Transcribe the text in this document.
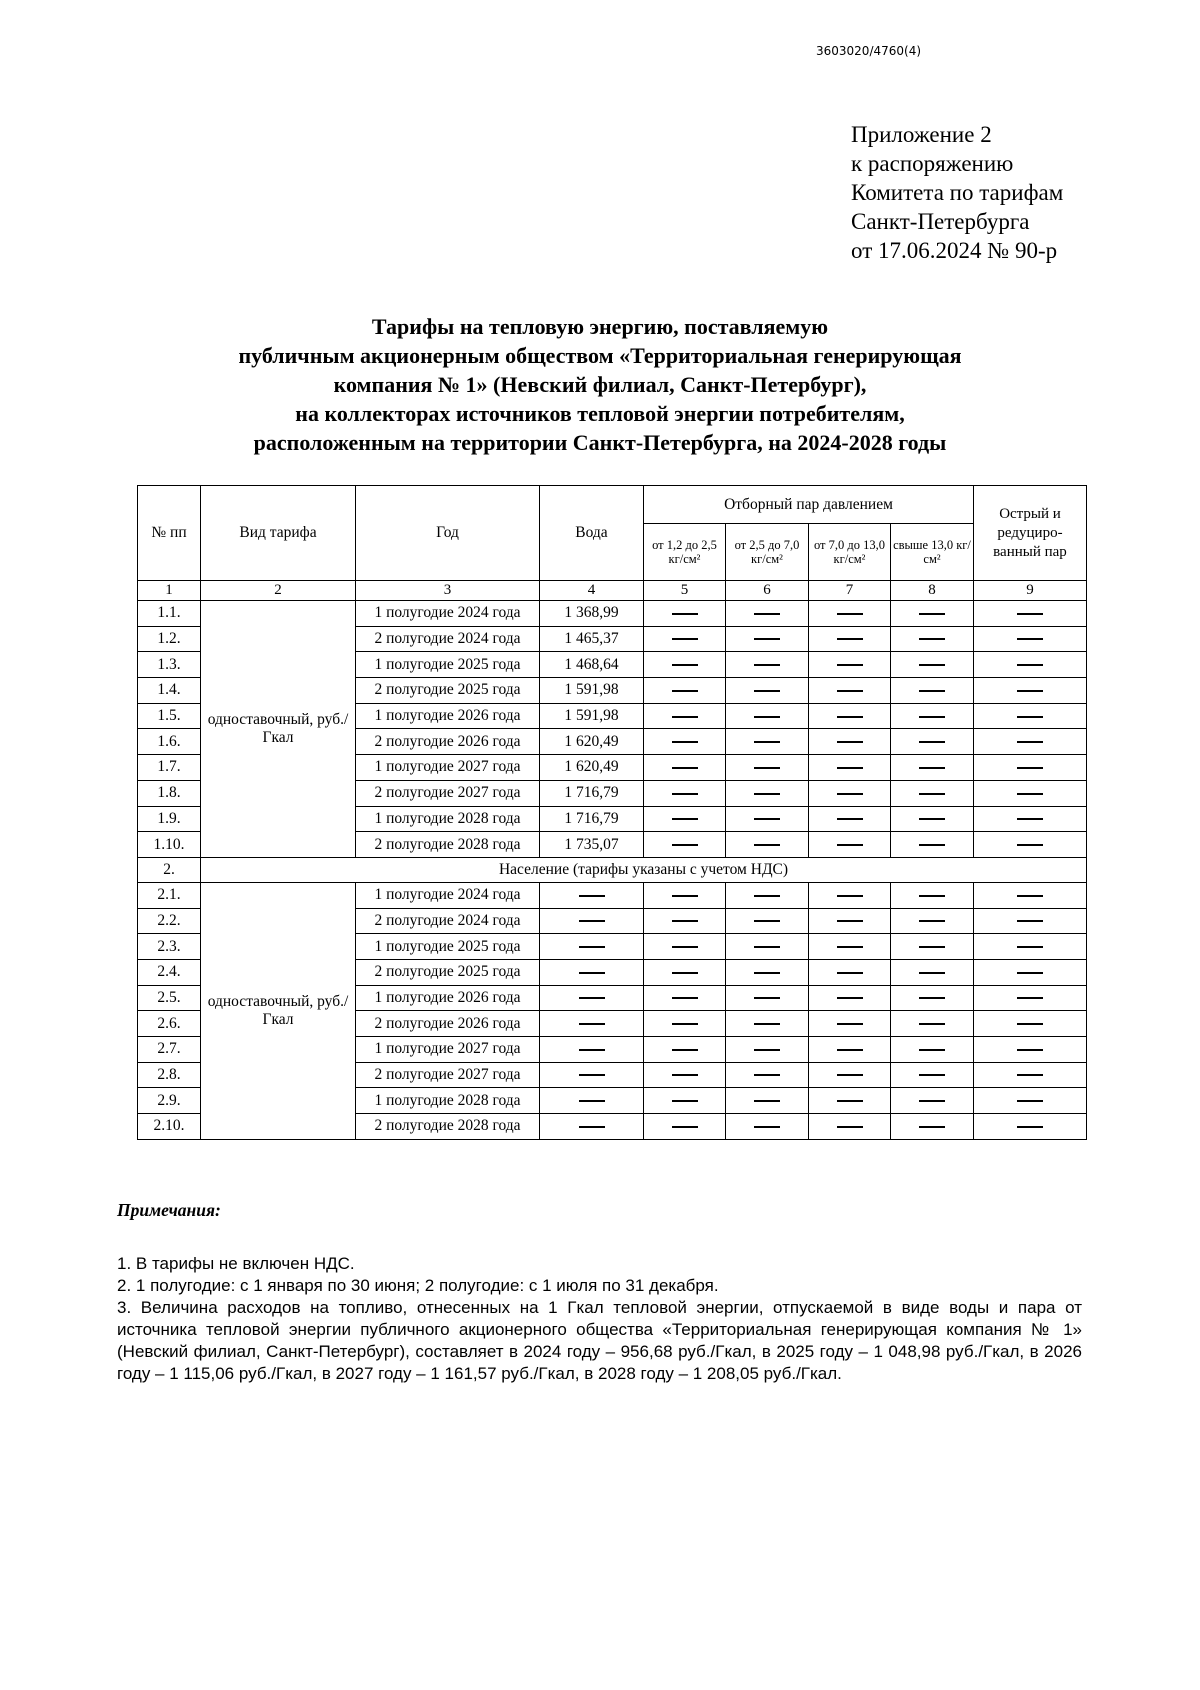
3603020/4760(4)
Приложение 2
к распоряжению
Комитета по тарифам
Санкт-Петербурга
от 17.06.2024 № 90-р
Тарифы на тепловую энергию, поставляемую
публичным акционерным обществом «Территориальная генерирующая
компания № 1» (Невский филиал, Санкт-Петербург),
на коллекторах источников тепловой энергии потребителям,
расположенным на территории Санкт-Петербурга, на 2024-2028 годы
№ пп	Вид тарифа	Год	Вода	Отборный пар давлением				Острый и редуциро-ванный пар
				от 1,2 до 2,5 кг/см²	от 2,5 до 7,0 кг/см²	от 7,0 до 13,0 кг/см²	свыше 13,0 кг/см²	
1	2	3	4	5	6	7	8	9
1.1.	одноставочный, руб./Гкал	1 полугодие 2024 года	1 368,99					
1.2.		2 полугодие 2024 года	1 465,37					
1.3.		1 полугодие 2025 года	1 468,64					
1.4.		2 полугодие 2025 года	1 591,98					
1.5.		1 полугодие 2026 года	1 591,98					
1.6.		2 полугодие 2026 года	1 620,49					
1.7.		1 полугодие 2027 года	1 620,49					
1.8.		2 полугодие 2027 года	1 716,79					
1.9.		1 полугодие 2028 года	1 716,79					
1.10.		2 полугодие 2028 года	1 735,07					
2.	Население (тарифы указаны с учетом НДС)							
2.1.	одноставочный, руб./Гкал	1 полугодие 2024 года						
2.2.		2 полугодие 2024 года						
2.3.		1 полугодие 2025 года						
2.4.		2 полугодие 2025 года						
2.5.		1 полугодие 2026 года						
2.6.		2 полугодие 2026 года						
2.7.		1 полугодие 2027 года						
2.8.		2 полугодие 2027 года						
2.9.		1 полугодие 2028 года						
2.10.		2 полугодие 2028 года						
Примечания:
1. В тарифы не включен НДС.
2. 1 полугодие: с 1 января по 30 июня; 2 полугодие: с 1 июля по 31 декабря.
3. Величина расходов на топливо, отнесенных на 1 Гкал тепловой энергии, отпускаемой в виде воды и пара от источника тепловой энергии публичного акционерного общества «Территориальная генерирующая компания № 1» (Невский филиал, Санкт-Петербург), составляет в 2024 году – 956,68 руб./Гкал, в 2025 году – 1 048,98 руб./Гкал, в 2026 году – 1 115,06 руб./Гкал, в 2027 году – 1 161,57 руб./Гкал, в 2028 году – 1 208,05 руб./Гкал.
